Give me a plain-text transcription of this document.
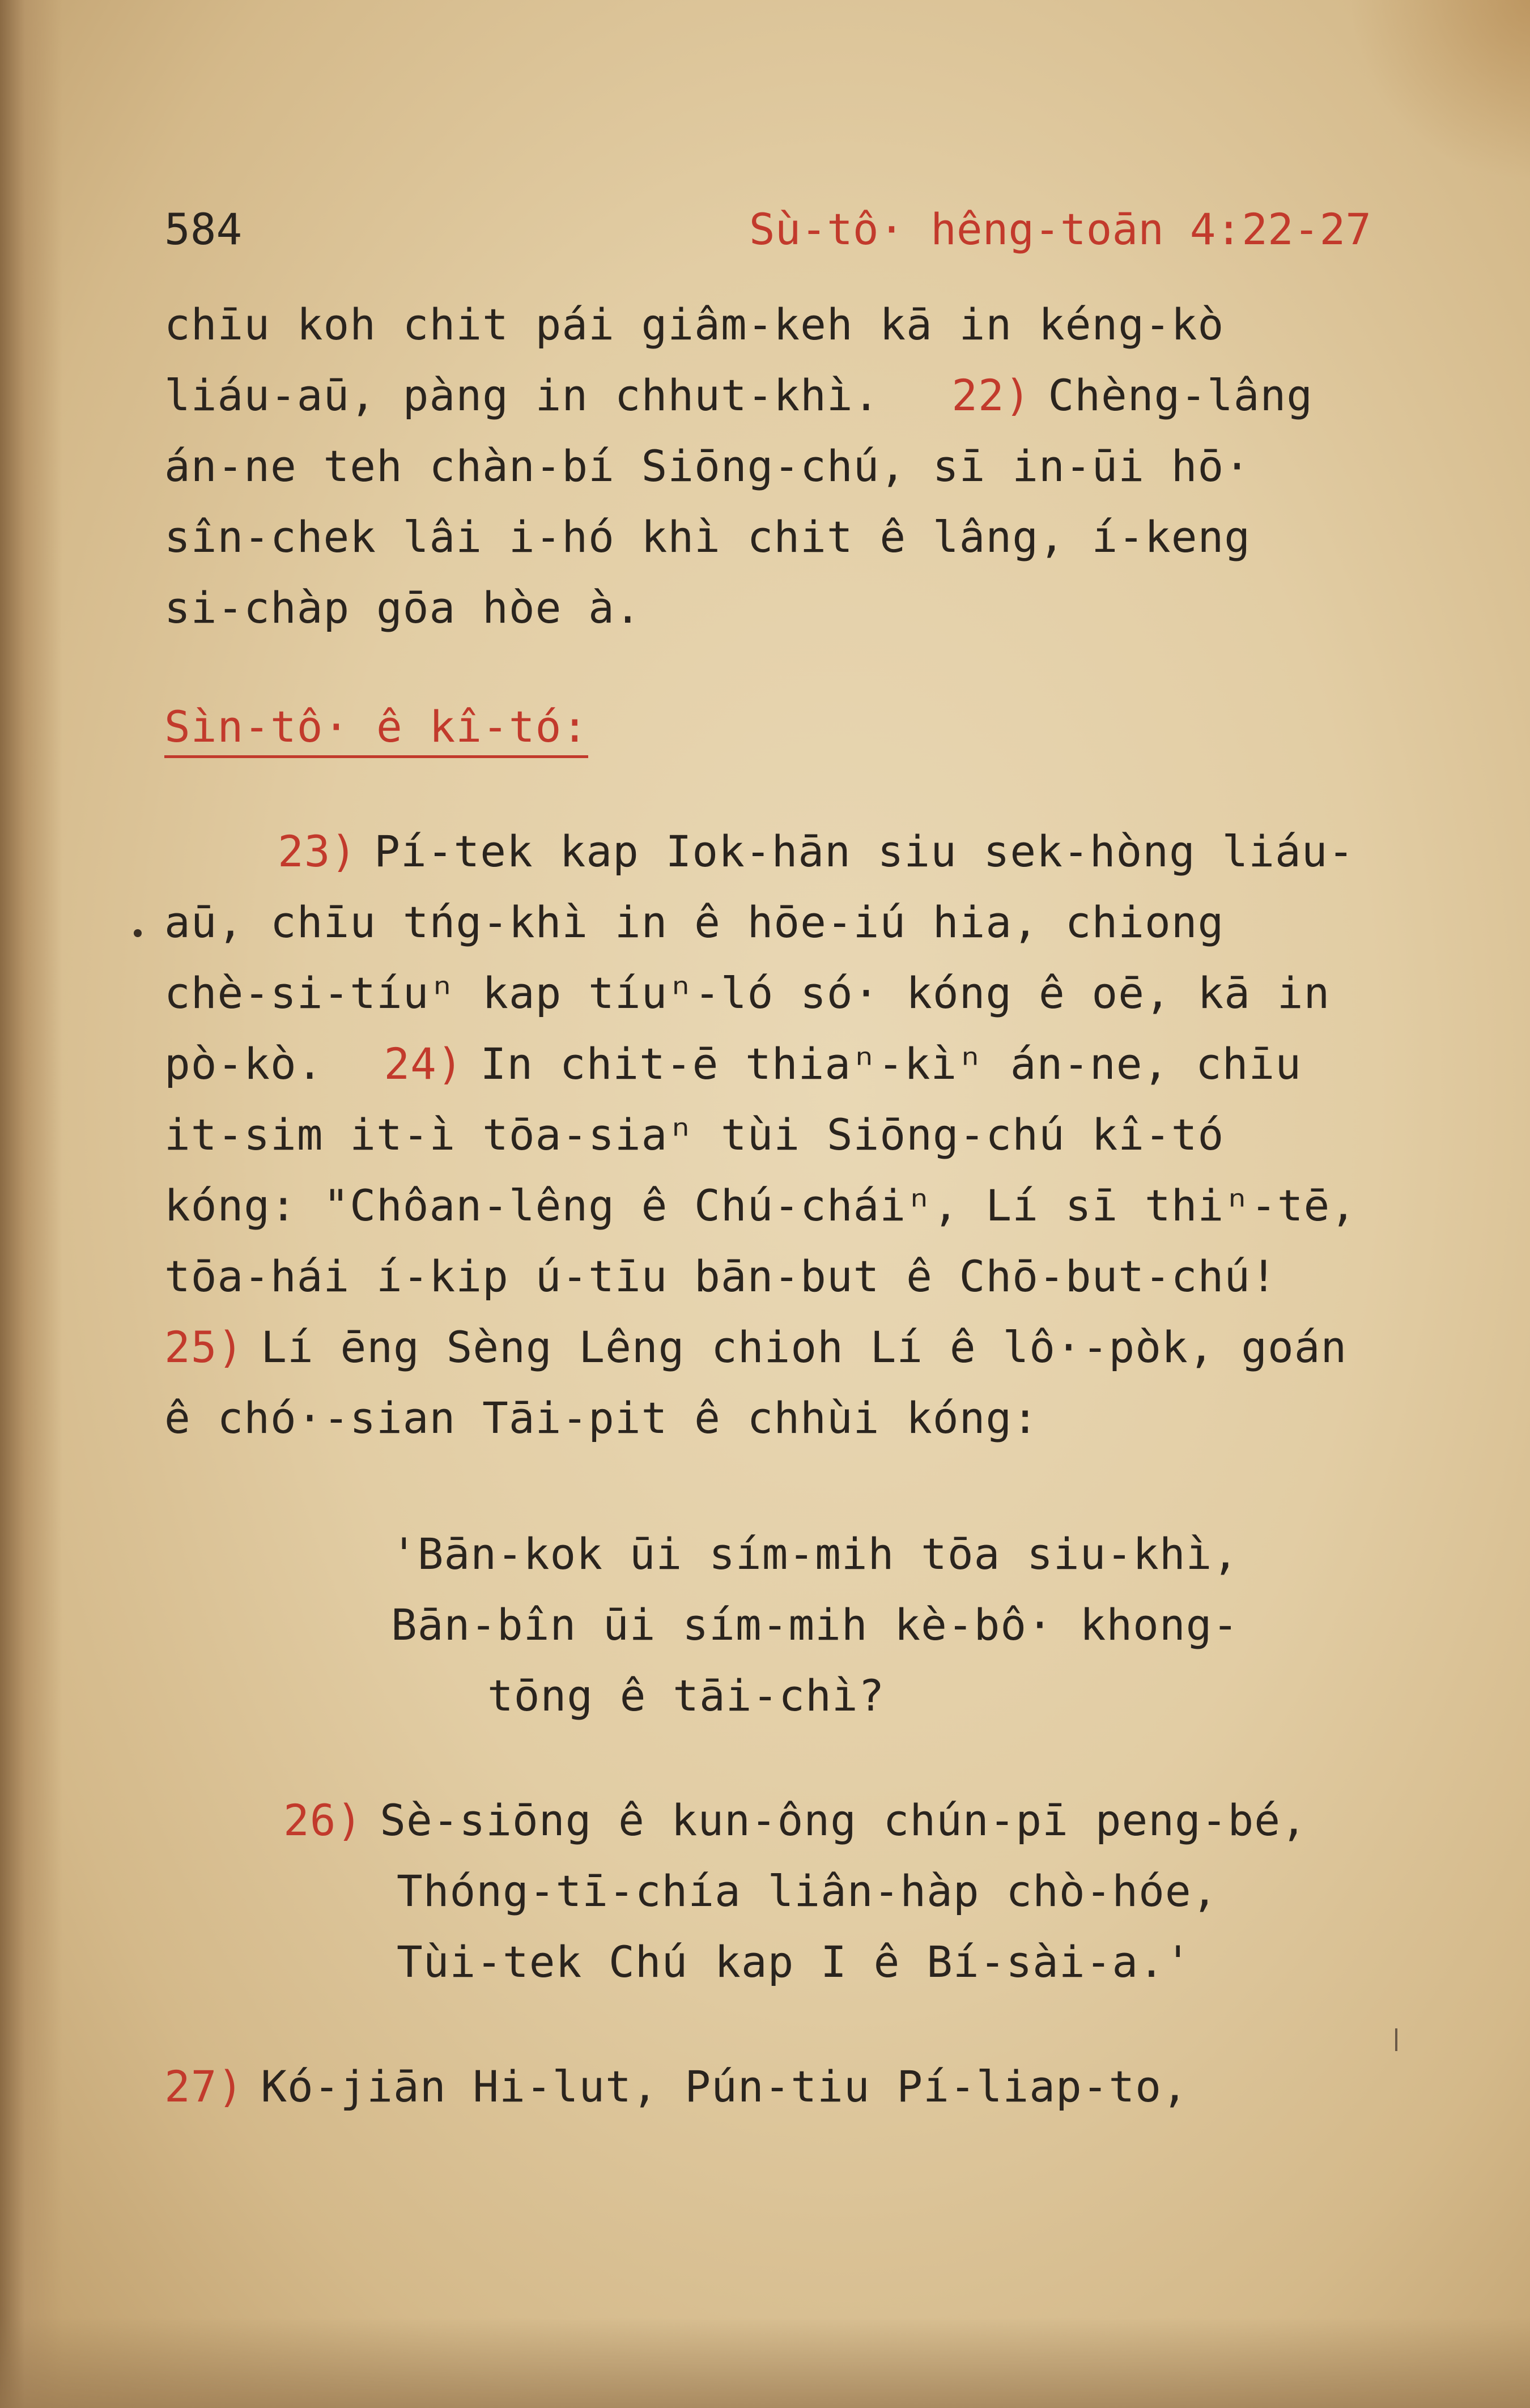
584	Sù-tô· hêng-toān 4:22-27
chīu koh chit pái giâm-keh kā in kéng-kò
liáu-aū, pàng in chhut-khì. 22) Chèng-lâng
án-ne teh chàn-bí Siōng-chú, sī in-ūi hō·
sîn-chek lâi i-hó khì chit ê lâng, í-keng
si-chàp gōa hòe à.
Sìn-tô· ê kî-tó:
23) Pí-tek kap Iok-hān siu sek-hòng liáu-
aū, chīu tńg-khì in ê hōe-iú hia, chiong
chè-si-tíuⁿ kap tíuⁿ-ló só· kóng ê oē, kā in
pò-kò. 24) In chit-ē thiaⁿ-kìⁿ án-ne, chīu
it-sim it-ì tōa-siaⁿ tùi Siōng-chú kî-tó
kóng: "Chôan-lêng ê Chú-cháiⁿ, Lí sī thiⁿ-tē,
tōa-hái í-kip ú-tīu bān-but ê Chō-but-chú!
25) Lí ēng Sèng Lêng chioh Lí ê lô·-pòk, goán
ê chó·-sian Tāi-pit ê chhùi kóng:
'Bān-kok ūi sím-mih tōa siu-khì,
Bān-bîn ūi sím-mih kè-bô· khong-
tōng ê tāi-chì?
26) Sè-siōng ê kun-ông chún-pī peng-bé,
Thóng-tī-chía liân-hàp chò-hóe,
Tùi-tek Chú kap I ê Bí-sài-a.'
27) Kó-jiān Hi-lut, Pún-tiu Pí-liap-to,
